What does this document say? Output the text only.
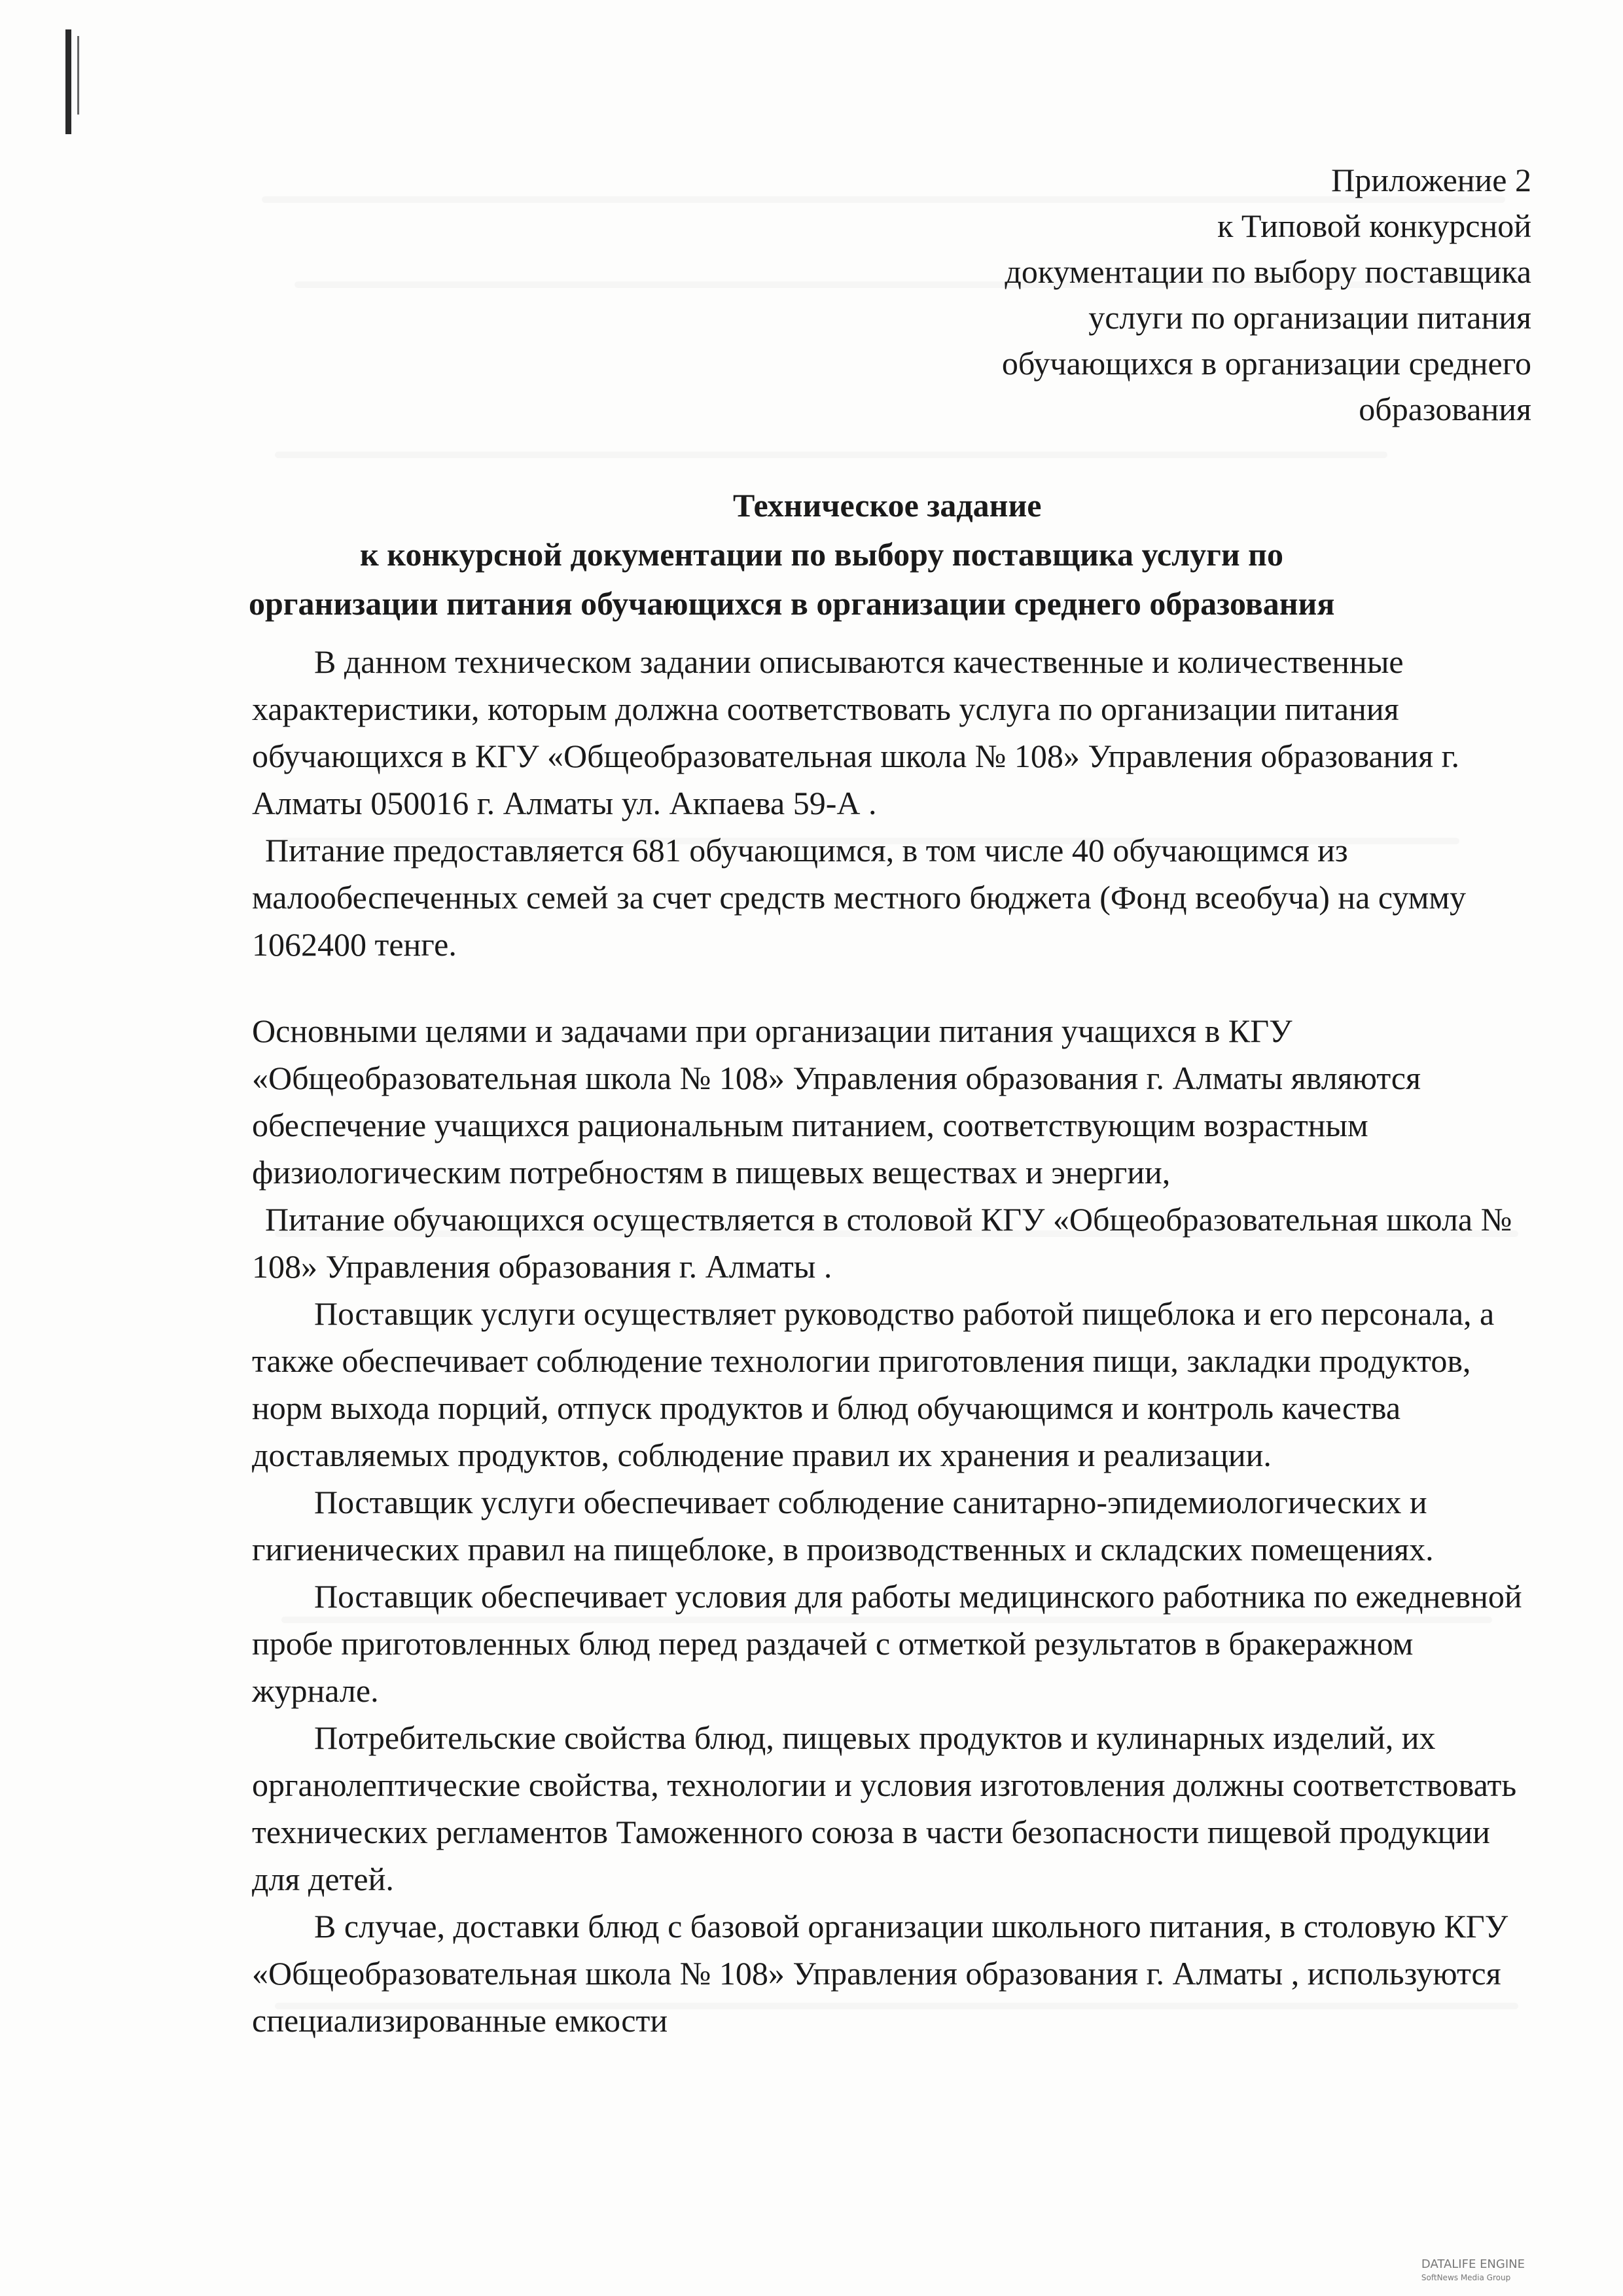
Приложение 2
к Типовой конкурсной
документации по выбору поставщика
услуги по организации питания
обучающихся в организации среднего
образования
Техническое задание
к конкурсной документации по выбору поставщика услуги по
организации питания обучающихся в организации среднего образования

В данном техническом задании описываются качественные и количественные характеристики, которым должна соответствовать услуга по организации питания обучающихся в КГУ «Общеобразовательная школа № 108» Управления образования г. Алматы 050016 г. Алматы ул. Акпаева 59-А .

Питание предоставляется 681 обучающимся, в том числе 40 обучающимся из малообеспеченных семей за счет средств местного бюджета (Фонд всеобуча) на сумму 1062400 тенге.

Основными целями и задачами при организации питания учащихся в КГУ «Общеобразовательная школа № 108» Управления образования г. Алматы являются обеспечение учащихся рациональным питанием, соответствующим возрастным физиологическим потребностям в пищевых веществах и энергии,

Питание обучающихся осуществляется в столовой КГУ «Общеобразовательная школа № 108» Управления образования г. Алматы .

Поставщик услуги осуществляет руководство работой пищеблока и его персонала, а также обеспечивает соблюдение технологии приготовления пищи, закладки продуктов, норм выхода порций, отпуск продуктов и блюд обучающимся и контроль качества доставляемых продуктов, соблюдение правил их хранения и реализации.

Поставщик услуги обеспечивает соблюдение санитарно-эпидемиологических и гигиенических правил на пищеблоке, в производственных и складских помещениях.

Поставщик обеспечивает условия для работы медицинского работника по ежедневной пробе приготовленных блюд перед раздачей с отметкой результатов в бракеражном журнале.

Потребительские свойства блюд, пищевых продуктов и кулинарных изделий, их органолептические свойства, технологии и условия изготовления должны соответствовать технических регламентов Таможенного союза в части безопасности пищевой продукции для детей.

В случае, доставки блюд с базовой организации школьного питания, в столовую КГУ «Общеобразовательная школа № 108» Управления образования г. Алматы , используются специализированные емкости

DATALIFE ENGINE
SoftNews Media Group
